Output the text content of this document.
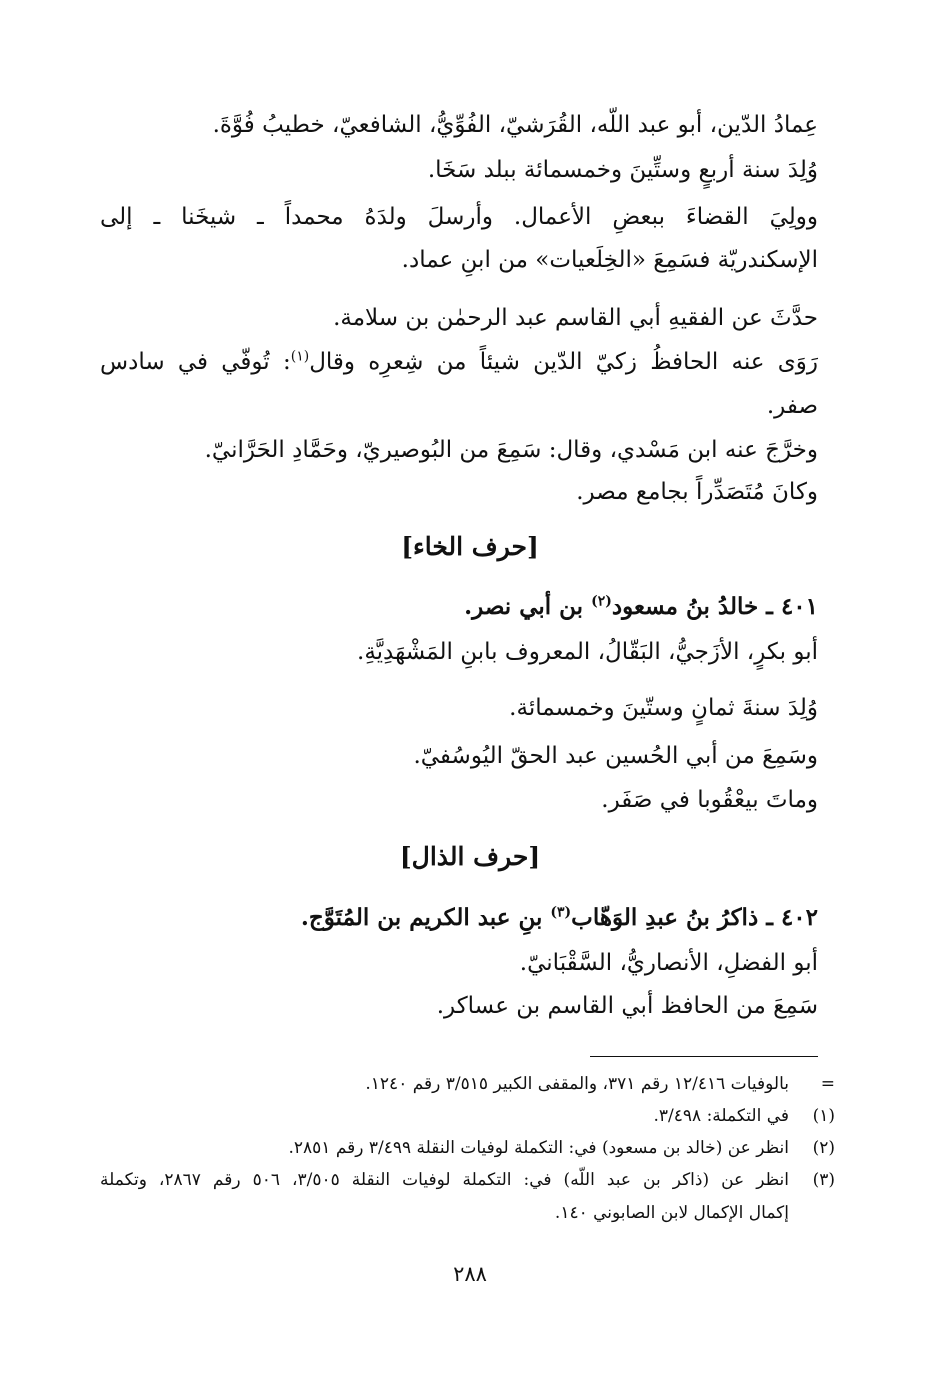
عِمادُ الدّين، أبو عبد اللّه، القُرَشيّ، الفُوِّيُّ، الشافعيّ، خطيبُ فُوَّةَ.
وُلِدَ سنة أربعٍ وستِّينَ وخمسمائة ببلد سَخَا.
وولِيَ القضاءَ ببعضِ الأعمال. وأرسلَ ولدَهُ محمداً ـ شيخَنا ـ إلى
الإسكندريّة فسَمِعَ «الخِلَعيات» من ابنِ عماد.
حدَّثَ عن الفقيهِ أبي القاسم عبد الرحمٰن بن سلامة.
رَوَى عنه الحافظُ زكيّ الدّين شيئاً من شِعرِه وقال$^{(١)}$: تُوفّي في سادس
صفر.
وخرَّجَ عنه ابن مَسْدي، وقال: سَمِعَ من البُوصيريّ، وحَمَّادِ الحَرَّانيّ.
وكانَ مُتَصَدِّراً بجامع مصر.
[حرف الخاء]
٤٠١ ـ خالدُ بنُ مسعود$^{(٢)}$ بن أبي نصر.
أبو بكرٍ، الأزَجيُّ، البَقّالُ، المعروف بابنِ المَشْهَدِيَّةِ.
وُلِدَ سنةَ ثمانٍ وستّينَ وخمسمائة.
وسَمِعَ من أبي الحُسين عبد الحقّ اليُوسُفيّ.
وماتَ بيعْقُوبا في صَفَر.
[حرف الذال]
٤٠٢ ـ ذاكرُ بنُ عبدِ الوَهّاب$^{(٣)}$ بنِ عبد الكريم بن المُتَوَّج.
أبو الفضلِ، الأنصاريُّ، السَّقْبَانيّ.
سَمِعَ من الحافظ أبي القاسم بن عساكر.
=بالوفيات ١٢/٤١٦ رقم ٣٧١، والمقفى الكبير ٣/٥١٥ رقم ١٢٤٠.
(١)في التكملة: ٣/٤٩٨.
(٢)انظر عن (خالد بن مسعود) في: التكملة لوفيات النقلة ٣/٤٩٩ رقم ٢٨٥١.
(٣)انظر عن (ذاكر بن عبد اللّه) في: التكملة لوفيات النقلة ٣/٥٠٥، ٥٠٦ رقم ٢٨٦٧، وتكملة
إكمال الإكمال لابن الصابوني ١٤٠.
٢٨٨
